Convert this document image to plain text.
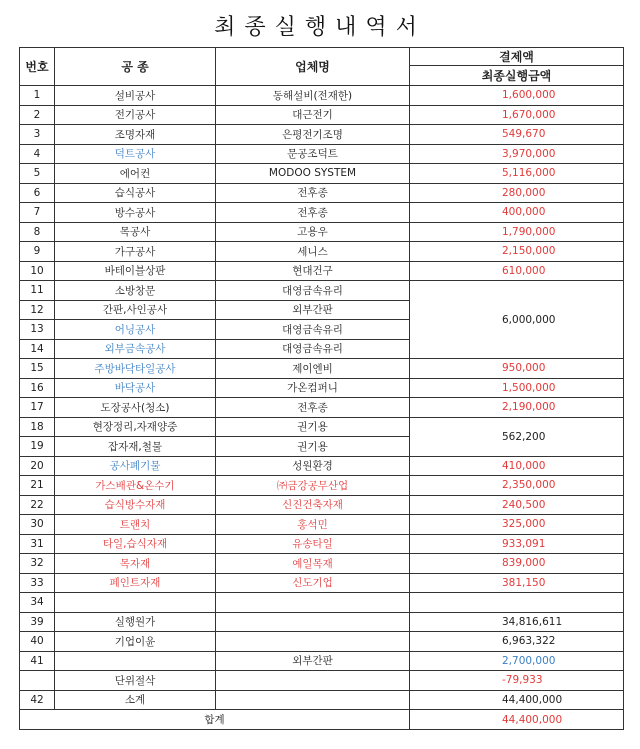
최종실행내역서
번호	공 종	업체명	결제액
			최종실행금액
1	설비공사	동해설비(전재한)	1,600,000
2	전기공사	대근전기	1,670,000
3	조명자재	은평전기조명	549,670
4	덕트공사	문공조덕트	3,970,000
5	에어컨	MODOO SYSTEM	5,116,000
6	습식공사	전후종	280,000
7	방수공사	전후종	400,000
8	목공사	고용우	1,790,000
9	가구공사	세니스	2,150,000
10	바테이블상판	현대건구	610,000
11	소방창문	대영금속유리	6,000,000
12	간판,사인공사	외부간판	
13	어닝공사	대영금속유리	
14	외부금속공사	대영금속유리	
15	주방바닥타일공사	제이엔비	950,000
16	바닥공사	가온컴퍼니	1,500,000
17	도장공사(청소)	전후종	2,190,000
18	현장정리,자재양중	권기용	562,200
19	잡자재,철물	권기용	
20	공사폐기물	성원환경	410,000
21	가스배관&온수기	㈜금강공무산업	2,350,000
22	습식방수자재	신진건축자재	240,500
30	트랜치	홍석민	325,000
31	타일,습식자재	유송타일	933,091
32	목자재	예일목재	839,000
33	페인트자재	신도기업	381,150
34			
39	실행원가		34,816,611
40	기업이윤		6,963,322
41		외부간판	2,700,000
	단위절삭		-79,933
42	소계		44,400,000
합계			44,400,000
